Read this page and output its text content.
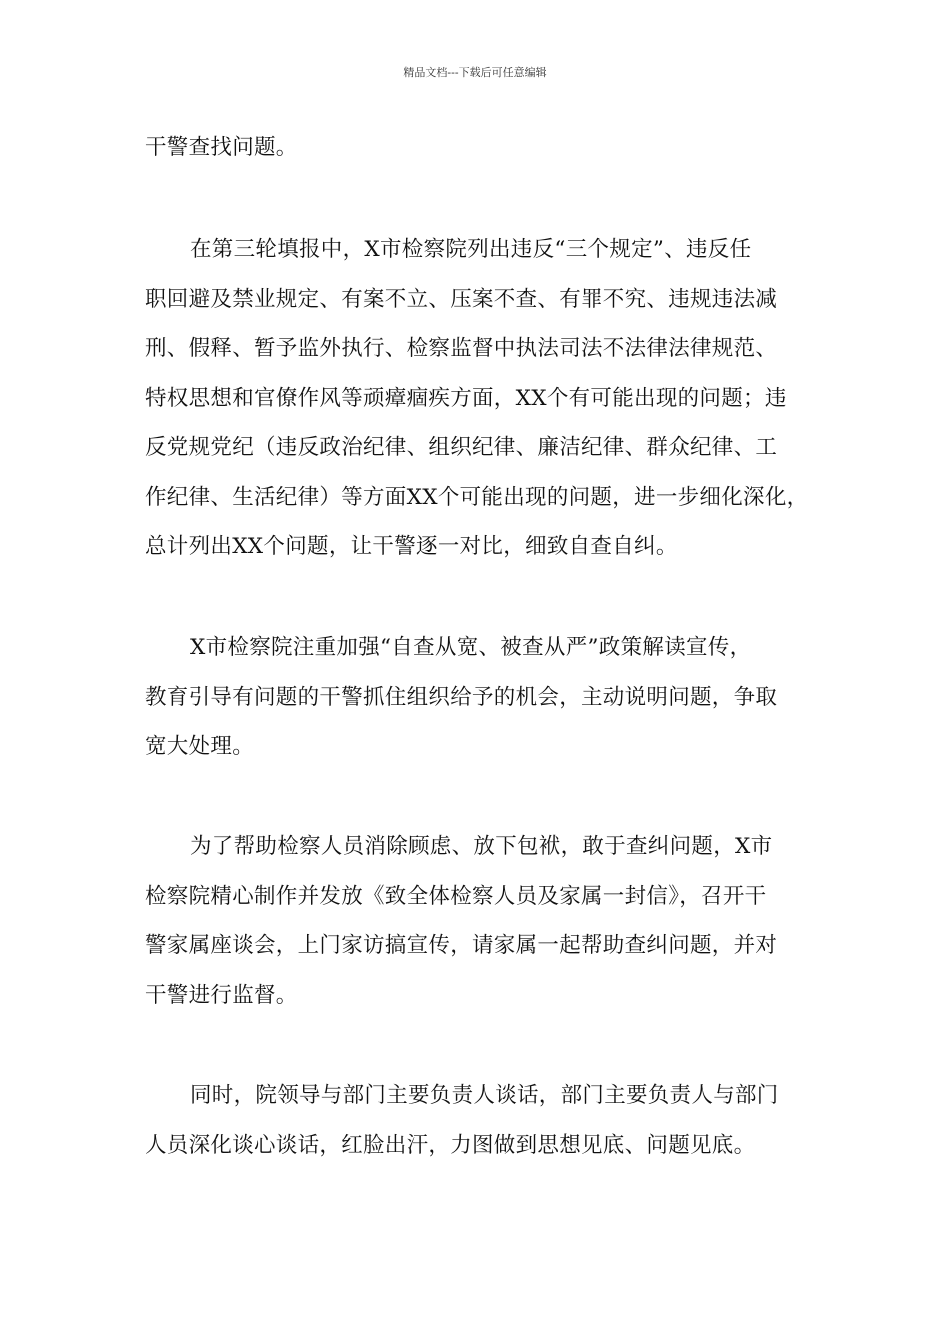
精品文档---下载后可任意编辑
干警查找问题。
在第三轮填报中，X市检察院列出违反“三个规定”、违反任
职回避及禁业规定、有案不立、压案不查、有罪不究、违规违法减
刑、假释、暂予监外执行、检察监督中执法司法不法律法律规范、
特权思想和官僚作风等顽瘴痼疾方面，XX个有可能出现的问题；违
反党规党纪（违反政治纪律、组织纪律、廉洁纪律、群众纪律、工
作纪律、生活纪律）等方面XX个可能出现的问题，进一步细化深化，
总计列出XX个问题，让干警逐一对比，细致自查自纠。
X市检察院注重加强“自查从宽、被查从严”政策解读宣传，
教育引导有问题的干警抓住组织给予的机会，主动说明问题，争取
宽大处理。
为了帮助检察人员消除顾虑、放下包袱，敢于查纠问题，X市
检察院精心制作并发放《致全体检察人员及家属一封信》，召开干
警家属座谈会，上门家访搞宣传，请家属一起帮助查纠问题，并对
干警进行监督。
同时，院领导与部门主要负责人谈话，部门主要负责人与部门
人员深化谈心谈话，红脸出汗，力图做到思想见底、问题见底。
